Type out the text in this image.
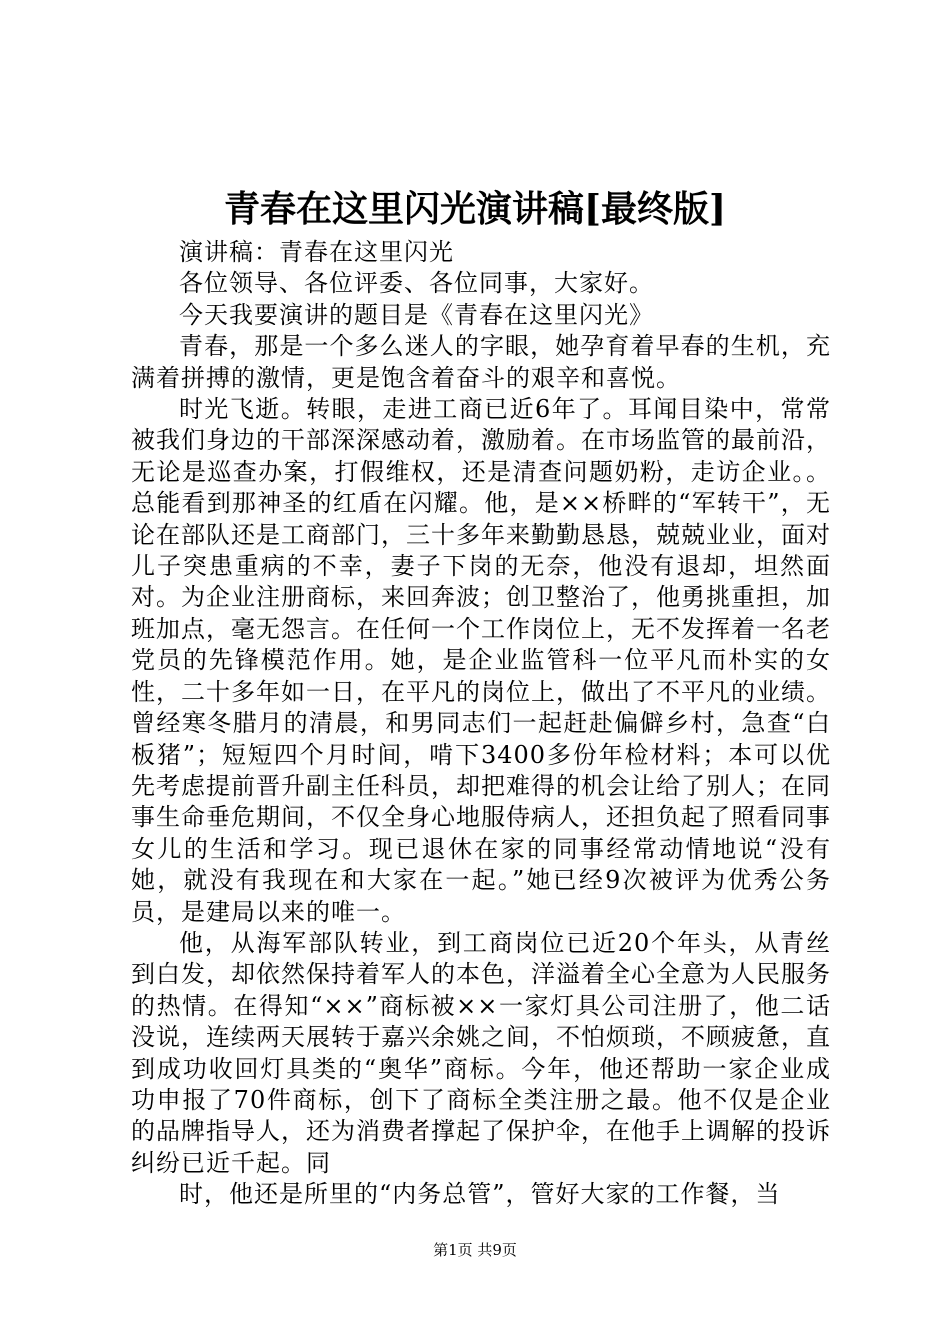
青春在这里闪光演讲稿[最终版]

演讲稿：青春在这里闪光

各位领导、各位评委、各位同事，大家好。

今天我要演讲的题目是《青春在这里闪光》

青春，那是一个多么迷人的字眼，她孕育着早春的生机，充满着拼搏的激情，更是饱含着奋斗的艰辛和喜悦。

时光飞逝。转眼，走进工商已近6年了。耳闻目染中，常常被我们身边的干部深深感动着，激励着。在市场监管的最前沿，无论是巡查办案，打假维权，还是清查问题奶粉，走访企业。。总能看到那神圣的红盾在闪耀。他，是××桥畔的“军转干”，无论在部队还是工商部门，三十多年来勤勤恳恳，兢兢业业，面对儿子突患重病的不幸，妻子下岗的无奈，他没有退却，坦然面对。为企业注册商标，来回奔波；创卫整治了，他勇挑重担，加班加点，毫无怨言。在任何一个工作岗位上，无不发挥着一名老党员的先锋模范作用。她，是企业监管科一位平凡而朴实的女性，二十多年如一日，在平凡的岗位上，做出了不平凡的业绩。曾经寒冬腊月的清晨，和男同志们一起赶赴偏僻乡村，急查“白板猪”；短短四个月时间，啃下3400多份年检材料；本可以优先考虑提前晋升副主任科员，却把难得的机会让给了别人；在同事生命垂危期间，不仅全身心地服侍病人，还担负起了照看同事女儿的生活和学习。现已退休在家的同事经常动情地说“没有她，就没有我现在和大家在一起。”她已经9次被评为优秀公务员，是建局以来的唯一。

他，从海军部队转业，到工商岗位已近20个年头，从青丝到白发，却依然保持着军人的本色，洋溢着全心全意为人民服务的热情。在得知“××”商标被××一家灯具公司注册了，他二话没说，连续两天展转于嘉兴余姚之间，不怕烦琐，不顾疲惫，直到成功收回灯具类的“奥华”商标。今年，他还帮助一家企业成功申报了70件商标，创下了商标全类注册之最。他不仅是企业的品牌指导人，还为消费者撑起了保护伞，在他手上调解的投诉纠纷已近千起。同

时，他还是所里的“内务总管”，管好大家的工作餐，当

第1页 共9页
